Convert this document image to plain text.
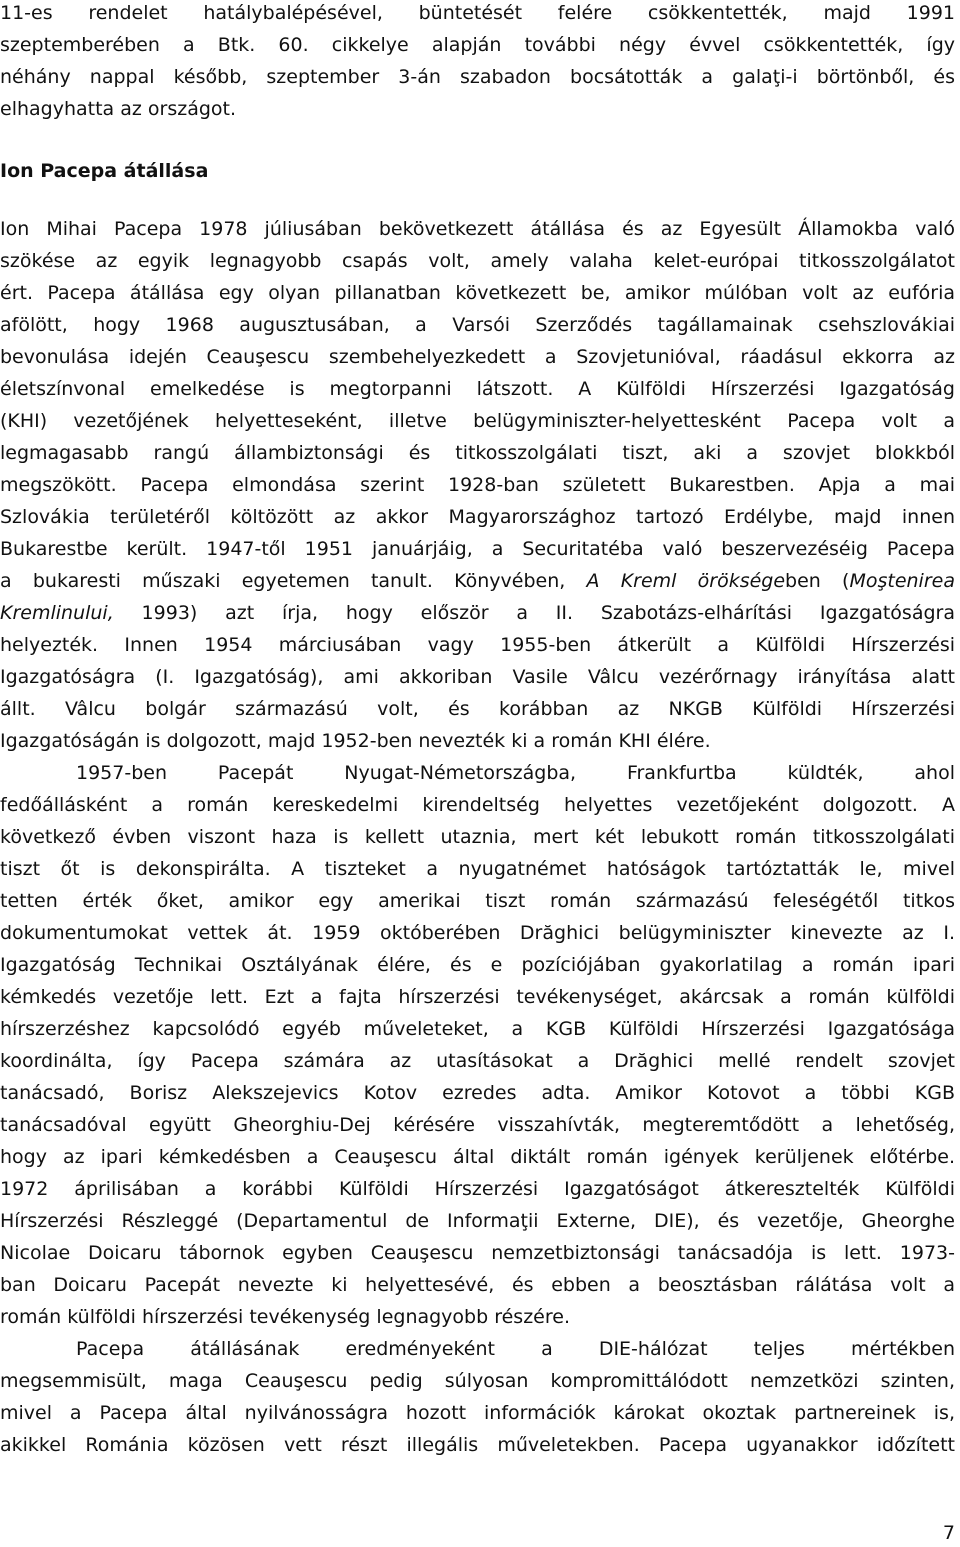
11-es rendelet hatálybalépésével, büntetését felére csökkentették, majd 1991
szeptemberében a Btk. 60. cikkelye alapján további négy évvel csökkentették, így
néhány nappal később, szeptember 3-án szabadon bocsátották a galaţi-i börtönből, és
elhagyhatta az országot.
Ion Pacepa átállása
Ion Mihai Pacepa 1978 júliusában bekövetkezett átállása és az Egyesült Államokba való
szökése az egyik legnagyobb csapás volt, amely valaha kelet-európai titkosszolgálatot
ért. Pacepa átállása egy olyan pillanatban következett be, amikor múlóban volt az eufória
afölött, hogy 1968 augusztusában, a Varsói Szerződés tagállamainak csehszlovákiai
bevonulása idején Ceauşescu szembehelyezkedett a Szovjetunióval, ráadásul ekkorra az
életszínvonal emelkedése is megtorpanni látszott. A Külföldi Hírszerzési Igazgatóság
(KHI) vezetőjének helyetteseként, illetve belügyminiszter-helyettesként Pacepa volt a
legmagasabb rangú állambiztonsági és titkosszolgálati tiszt, aki a szovjet blokkból
megszökött. Pacepa elmondása szerint 1928-ban született Bukarestben. Apja a mai
Szlovákia területéről költözött az akkor Magyarországhoz tartozó Erdélybe, majd innen
Bukarestbe került. 1947-től 1951 januárjáig, a Securitatéba való beszervezéséig Pacepa
a bukaresti műszaki egyetemen tanult. Könyvében, A Kreml örökségeben (Moştenirea
Kremlinului, 1993) azt írja, hogy először a II. Szabotázs-elhárítási Igazgatóságra
helyezték. Innen 1954 márciusában vagy 1955-ben átkerült a Külföldi Hírszerzési
Igazgatóságra (I. Igazgatóság), ami akkoriban Vasile Vâlcu vezérőrnagy irányítása alatt
állt. Vâlcu bolgár származású volt, és korábban az NKGB Külföldi Hírszerzési
Igazgatóságán is dolgozott, majd 1952-ben nevezték ki a román KHI élére.
1957-ben Pacepát Nyugat-Németországba, Frankfurtba küldték, ahol
fedőállásként a román kereskedelmi kirendeltség helyettes vezetőjeként dolgozott. A
következő évben viszont haza is kellett utaznia, mert két lebukott román titkosszolgálati
tiszt őt is dekonspirálta. A tiszteket a nyugatnémet hatóságok tartóztatták le, mivel
tetten érték őket, amikor egy amerikai tiszt román származású feleségétől titkos
dokumentumokat vettek át. 1959 októberében Drăghici belügyminiszter kinevezte az I.
Igazgatóság Technikai Osztályának élére, és e pozíciójában gyakorlatilag a román ipari
kémkedés vezetője lett. Ezt a fajta hírszerzési tevékenységet, akárcsak a román külföldi
hírszerzéshez kapcsolódó egyéb műveleteket, a KGB Külföldi Hírszerzési Igazgatósága
koordinálta, így Pacepa számára az utasításokat a Drăghici mellé rendelt szovjet
tanácsadó, Borisz Alekszejevics Kotov ezredes adta. Amikor Kotovot a többi KGB
tanácsadóval együtt Gheorghiu-Dej kérésére visszahívták, megteremtődött a lehetőség,
hogy az ipari kémkedésben a Ceauşescu által diktált román igények kerüljenek előtérbe.
1972 áprilisában a korábbi Külföldi Hírszerzési Igazgatóságot átkeresztelték Külföldi
Hírszerzési Részleggé (Departamentul de Informaţii Externe, DIE), és vezetője, Gheorghe
Nicolae Doicaru tábornok egyben Ceauşescu nemzetbiztonsági tanácsadója is lett. 1973-
ban Doicaru Pacepát nevezte ki helyettesévé, és ebben a beosztásban rálátása volt a
román külföldi hírszerzési tevékenység legnagyobb részére.
Pacepa átállásának eredményeként a DIE-hálózat teljes mértékben
megsemmisült, maga Ceauşescu pedig súlyosan kompromittálódott nemzetközi szinten,
mivel a Pacepa által nyilvánosságra hozott információk károkat okoztak partnereinek is,
akikkel Románia közösen vett részt illegális műveletekben. Pacepa ugyanakkor időzített
7
